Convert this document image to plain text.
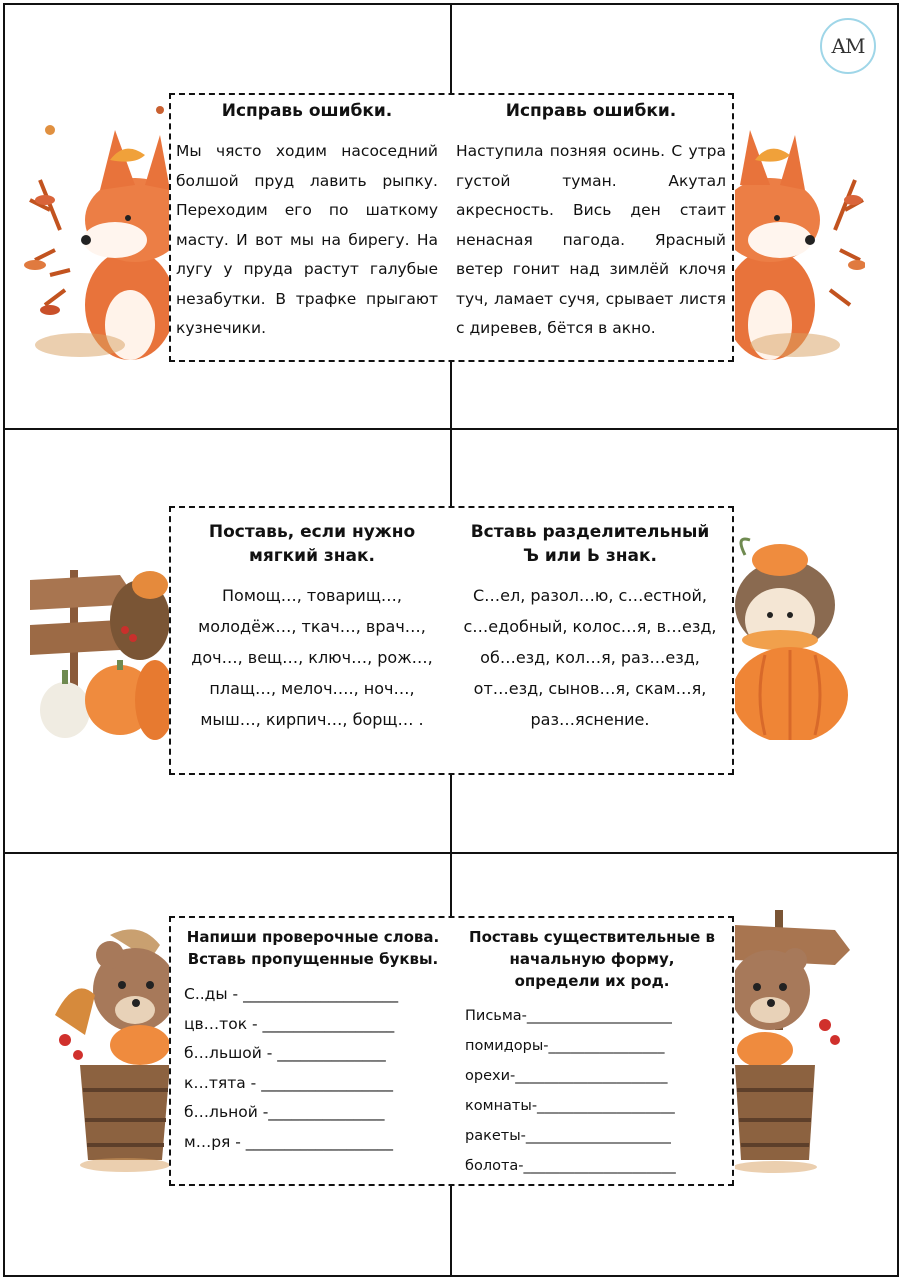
AM
Исправь ошибки.
Мы чясто ходим насоседний болшой пруд лавить рыпку. Переходим его по шаткому масту. И вот мы на бирегу. На лугу у пруда растут галубые незабутки. В трафке прыгают кузнечики.
Исправь ошибки.
Наступила позняя осинь. С утра густой туман. Акутал акресность. Вись ден стаит ненасная пагода. Ярасный ветер гонит над зимлёй клочя туч, ламает сучя, срывает листя с диревев, бётся в акно.
Поставь, если нужно
мягкий знак.
Помощ…, товарищ…,
молодёж…, ткач…, врач…,
доч…, вещ…, ключ…, рож…,
плащ…, мелоч…., ноч…,
мыш…, кирпич…, борщ… .
Вставь разделительный
Ъ или Ь знак.
С…ел, разол…ю, с…естной,
с…едобный, колос…я, в…езд,
об…езд, кол…я, раз…езд,
от…езд, сынов…я, скам…я,
раз…яснение.
Напиши проверочные слова.
Вставь пропущенные буквы.
С..ды - ____________________
цв…ток - _________________
б…льшой - ______________
к…тята - _________________
б…льной -_______________
м…ря - ___________________
Поставь существительные в
начальную форму,
определи их род.
Письма-____________________
помидоры-________________
орехи-_____________________
комнаты-___________________
ракеты-____________________
болота-_____________________
